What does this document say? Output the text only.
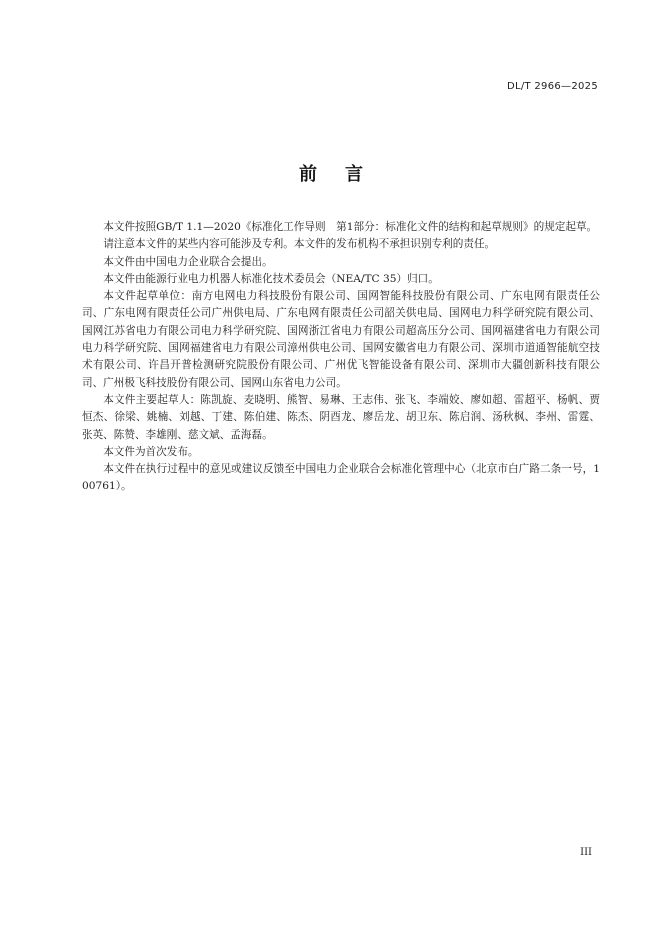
DL/T 2966—2025
前言

本文件按照GB/T 1.1—2020《标准化工作导则　第1部分：标准化文件的结构和起草规则》的规定起草。

请注意本文件的某些内容可能涉及专利。本文件的发布机构不承担识别专利的责任。

本文件由中国电力企业联合会提出。

本文件由能源行业电力机器人标准化技术委员会（NEA/TC 35）归口。

本文件起草单位：南方电网电力科技股份有限公司、国网智能科技股份有限公司、广东电网有限责任公司、广东电网有限责任公司广州供电局、广东电网有限责任公司韶关供电局、国网电力科学研究院有限公司、国网江苏省电力有限公司电力科学研究院、国网浙江省电力有限公司超高压分公司、国网福建省电力有限公司电力科学研究院、国网福建省电力有限公司漳州供电公司、国网安徽省电力有限公司、深圳市道通智能航空技术有限公司、许昌开普检测研究院股份有限公司、广州优飞智能设备有限公司、深圳市大疆创新科技有限公司、广州极飞科技股份有限公司、国网山东省电力公司。

本文件主要起草人：陈凯旋、麦晓明、熊智、易琳、王志伟、张飞、李端姣、廖如超、雷超平、杨帆、贾恒杰、徐梁、姚楠、刘越、丁建、陈伯建、陈杰、阴酉龙、廖岳龙、胡卫东、陈启润、汤秋枫、李州、雷霆、张英、陈赞、李雄刚、慈文斌、孟海磊。

本文件为首次发布。

本文件在执行过程中的意见或建议反馈至中国电力企业联合会标准化管理中心（北京市白广路二条一号，100761）。

III
